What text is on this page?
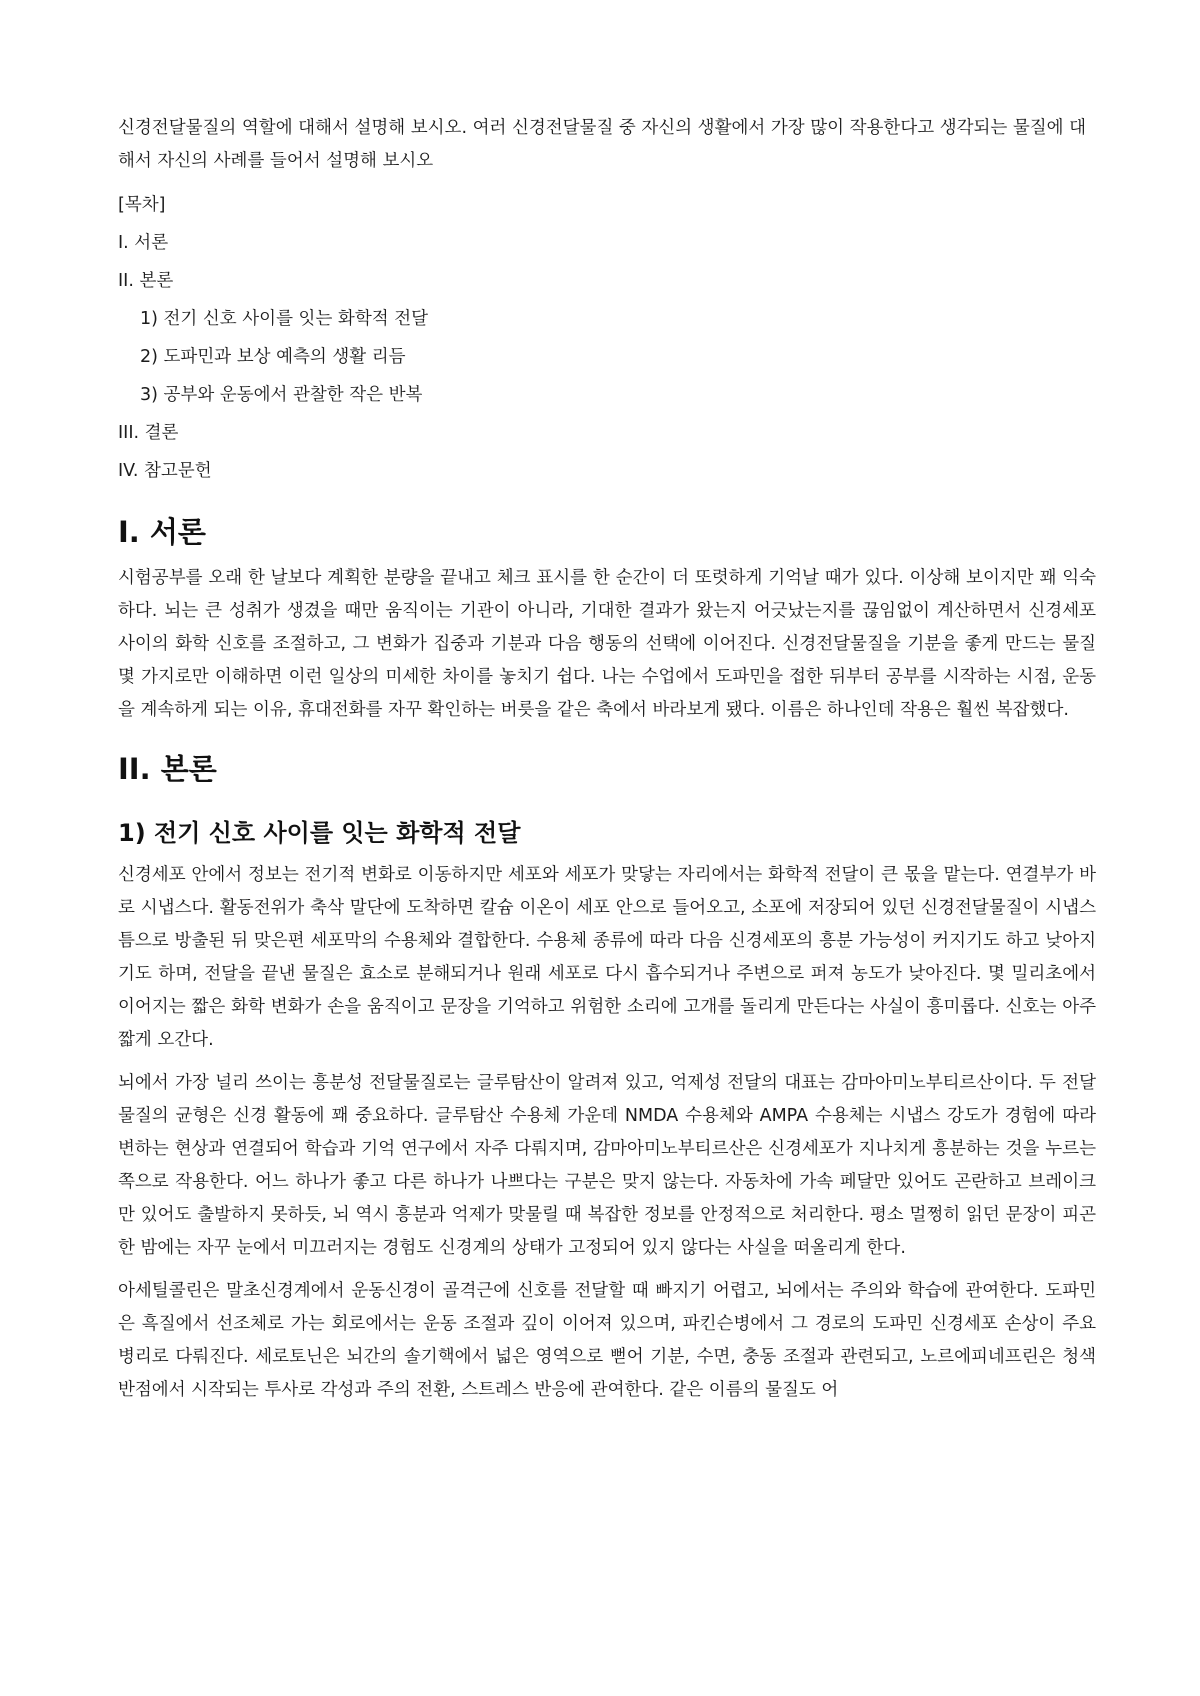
신경전달물질의 역할에 대해서 설명해 보시오. 여러 신경전달물질 중 자신의 생활에서 가장 많이 작용한다고 생각되는 물질에 대해서 자신의 사례를 들어서 설명해 보시오

[목차]

I. 서론

II. 본론

1) 전기 신호 사이를 잇는 화학적 전달

2) 도파민과 보상 예측의 생활 리듬

3) 공부와 운동에서 관찰한 작은 반복

III. 결론

IV. 참고문헌

I. 서론

시험공부를 오래 한 날보다 계획한 분량을 끝내고 체크 표시를 한 순간이 더 또렷하게 기억날 때가 있다. 이상해 보이지만 꽤 익숙하다. 뇌는 큰 성취가 생겼을 때만 움직이는 기관이 아니라, 기대한 결과가 왔는지 어긋났는지를 끊임없이 계산하면서 신경세포 사이의 화학 신호를 조절하고, 그 변화가 집중과 기분과 다음 행동의 선택에 이어진다. 신경전달물질을 기분을 좋게 만드는 물질 몇 가지로만 이해하면 이런 일상의 미세한 차이를 놓치기 쉽다. 나는 수업에서 도파민을 접한 뒤부터 공부를 시작하는 시점, 운동을 계속하게 되는 이유, 휴대전화를 자꾸 확인하는 버릇을 같은 축에서 바라보게 됐다. 이름은 하나인데 작용은 훨씬 복잡했다.

II. 본론
1) 전기 신호 사이를 잇는 화학적 전달

신경세포 안에서 정보는 전기적 변화로 이동하지만 세포와 세포가 맞닿는 자리에서는 화학적 전달이 큰 몫을 맡는다. 연결부가 바로 시냅스다. 활동전위가 축삭 말단에 도착하면 칼슘 이온이 세포 안으로 들어오고, 소포에 저장되어 있던 신경전달물질이 시냅스 틈으로 방출된 뒤 맞은편 세포막의 수용체와 결합한다. 수용체 종류에 따라 다음 신경세포의 흥분 가능성이 커지기도 하고 낮아지기도 하며, 전달을 끝낸 물질은 효소로 분해되거나 원래 세포로 다시 흡수되거나 주변으로 퍼져 농도가 낮아진다. 몇 밀리초에서 이어지는 짧은 화학 변화가 손을 움직이고 문장을 기억하고 위험한 소리에 고개를 돌리게 만든다는 사실이 흥미롭다. 신호는 아주 짧게 오간다.

뇌에서 가장 널리 쓰이는 흥분성 전달물질로는 글루탐산이 알려져 있고, 억제성 전달의 대표는 감마아미노부티르산이다. 두 전달물질의 균형은 신경 활동에 꽤 중요하다. 글루탐산 수용체 가운데 NMDA 수용체와 AMPA 수용체는 시냅스 강도가 경험에 따라 변하는 현상과 연결되어 학습과 기억 연구에서 자주 다뤄지며, 감마아미노부티르산은 신경세포가 지나치게 흥분하는 것을 누르는 쪽으로 작용한다. 어느 하나가 좋고 다른 하나가 나쁘다는 구분은 맞지 않는다. 자동차에 가속 페달만 있어도 곤란하고 브레이크만 있어도 출발하지 못하듯, 뇌 역시 흥분과 억제가 맞물릴 때 복잡한 정보를 안정적으로 처리한다. 평소 멀쩡히 읽던 문장이 피곤한 밤에는 자꾸 눈에서 미끄러지는 경험도 신경계의 상태가 고정되어 있지 않다는 사실을 떠올리게 한다.

아세틸콜린은 말초신경계에서 운동신경이 골격근에 신호를 전달할 때 빠지기 어렵고, 뇌에서는 주의와 학습에 관여한다. 도파민은 흑질에서 선조체로 가는 회로에서는 운동 조절과 깊이 이어져 있으며, 파킨슨병에서 그 경로의 도파민 신경세포 손상이 주요 병리로 다뤄진다. 세로토닌은 뇌간의 솔기핵에서 넓은 영역으로 뻗어 기분, 수면, 충동 조절과 관련되고, 노르에피네프린은 청색반점에서 시작되는 투사로 각성과 주의 전환, 스트레스 반응에 관여한다. 같은 이름의 물질도 어
